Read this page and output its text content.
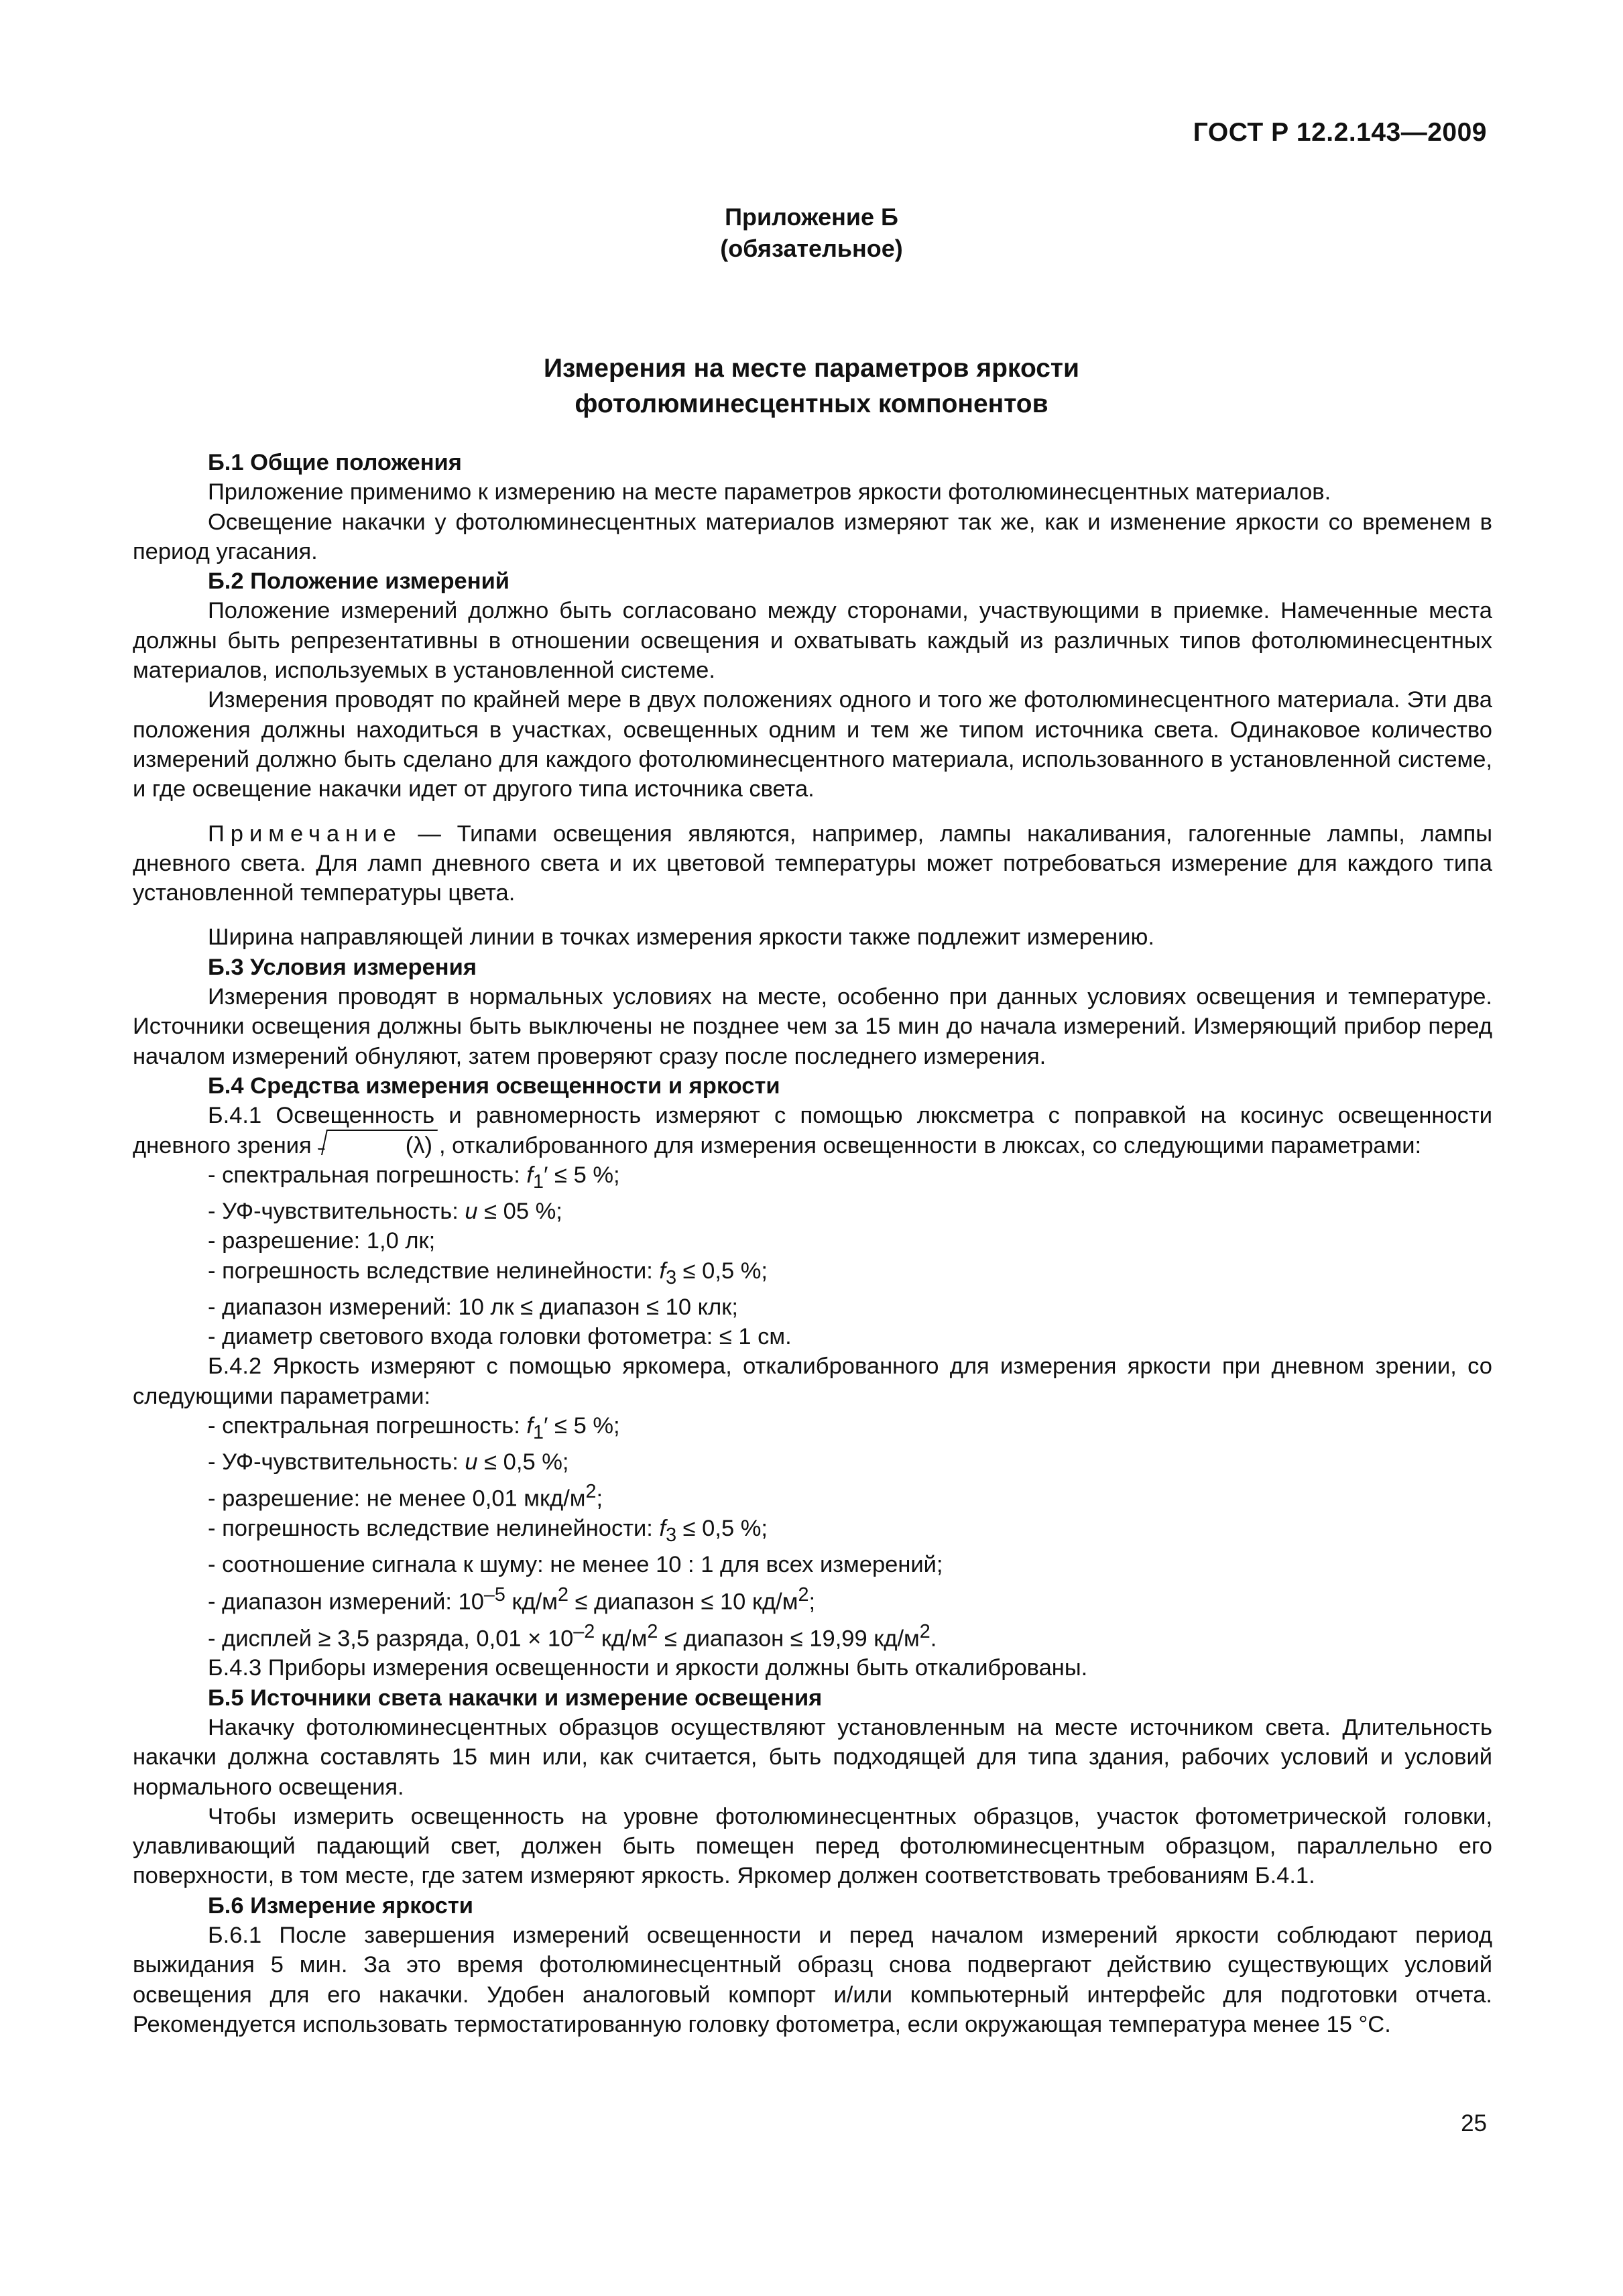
ГОСТ Р 12.2.143—2009
Приложение Б
(обязательное)
Измерения на месте параметров яркости
фотолюминесцентных компонентов
Б.1 Общие положения

Приложение применимо к измерению на месте параметров яркости фотолюминесцентных материалов.

Освещение накачки у фотолюминесцентных материалов измеряют так же, как и изменение яркости со временем в период угасания.

Б.2 Положение измерений

Положение измерений должно быть согласовано между сторонами, участвующими в приемке. Намеченные места должны быть репрезентативны в отношении освещения и охватывать каждый из различных типов фотолюминесцентных материалов, используемых в установленной системе.

Измерения проводят по крайней мере в двух положениях одного и того же фотолюминесцентного материала. Эти два положения должны находиться в участках, освещенных одним и тем же типом источника света. Одинаковое количество измерений должно быть сделано для каждого фотолюминесцентного материала, использованного в установленной системе, и где освещение накачки идет от другого типа источника света.

Примечание — Типами освещения являются, например, лампы накаливания, галогенные лампы, лампы дневного света. Для ламп дневного света и их цветовой температуры может потребоваться измерение для каждого типа установленной температуры цвета.

Ширина направляющей линии в точках измерения яркости также подлежит измерению.

Б.3 Условия измерения

Измерения проводят в нормальных условиях на месте, особенно при данных условиях освещения и температуре. Источники освещения должны быть выключены не позднее чем за 15 мин до начала измерений. Измеряющий прибор перед началом измерений обнуляют, затем проверяют сразу после последнего измерения.

Б.4 Средства измерения освещенности и яркости

Б.4.1 Освещенность и равномерность измеряют с помощью люксметра с поправкой на косинус освещенности дневного зрения	(λ) , откалиброванного для измерения освещенности в люксах, со следующими параметрами:

- спектральная погрешность: $f_1' \le 5$ %;

- УФ-чувствительность: u ≤ 05 %;

- разрешение: 1,0 лк;

- погрешность вследствие нелинейности: $f_3 \le 0,5$ %;

- диапазон измерений: 10 лк ≤ диапазон ≤ 10 клк;

- диаметр светового входа головки фотометра: ≤ 1 см.

Б.4.2 Яркость измеряют с помощью яркомера, откалиброванного для измерения яркости при дневном зрении, со следующими параметрами:

- спектральная погрешность: $f_1' \le 5$ %;

- УФ-чувствительность: u ≤ 0,5 %;

- разрешение: не менее 0,01 мкд/$м^2$;

- погрешность вследствие нелинейности: $f_3 \le 0,5$ %;

- соотношение сигнала к шуму: не менее 10 : 1 для всех измерений;

- диапазон измерений: $10^{-5}$ $кд/м^2$ ≤ диапазон ≤ 10 $кд/м^2$;

- дисплей ≥ 3,5 разряда, $0,01 \times 10^{-2}$ $кд/м^2$ ≤ диапазон ≤ 19,99 $кд/м^2$.

Б.4.3 Приборы измерения освещенности и яркости должны быть откалиброваны.

Б.5 Источники света накачки и измерение освещения

Накачку фотолюминесцентных образцов осуществляют установленным на месте источником света. Длительность накачки должна составлять 15 мин или, как считается, быть подходящей для типа здания, рабочих условий и условий нормального освещения.

Чтобы измерить освещенность на уровне фотолюминесцентных образцов, участок фотометрической головки, улавливающий падающий свет, должен быть помещен перед фотолюминесцентным образцом, параллельно его поверхности, в том месте, где затем измеряют яркость. Яркомер должен соответствовать требованиям Б.4.1.

Б.6 Измерение яркости

Б.6.1 После завершения измерений освещенности и перед началом измерений яркости соблюдают период выжидания 5 мин. За это время фотолюминесцентный образц снова подвергают действию существующих условий освещения для его накачки. Удобен аналоговый компорт и/или компьютерный интерфейс для подготовки отчета. Рекомендуется использовать термостатированную головку фотометра, если окружающая температура менее 15 °С.

25
